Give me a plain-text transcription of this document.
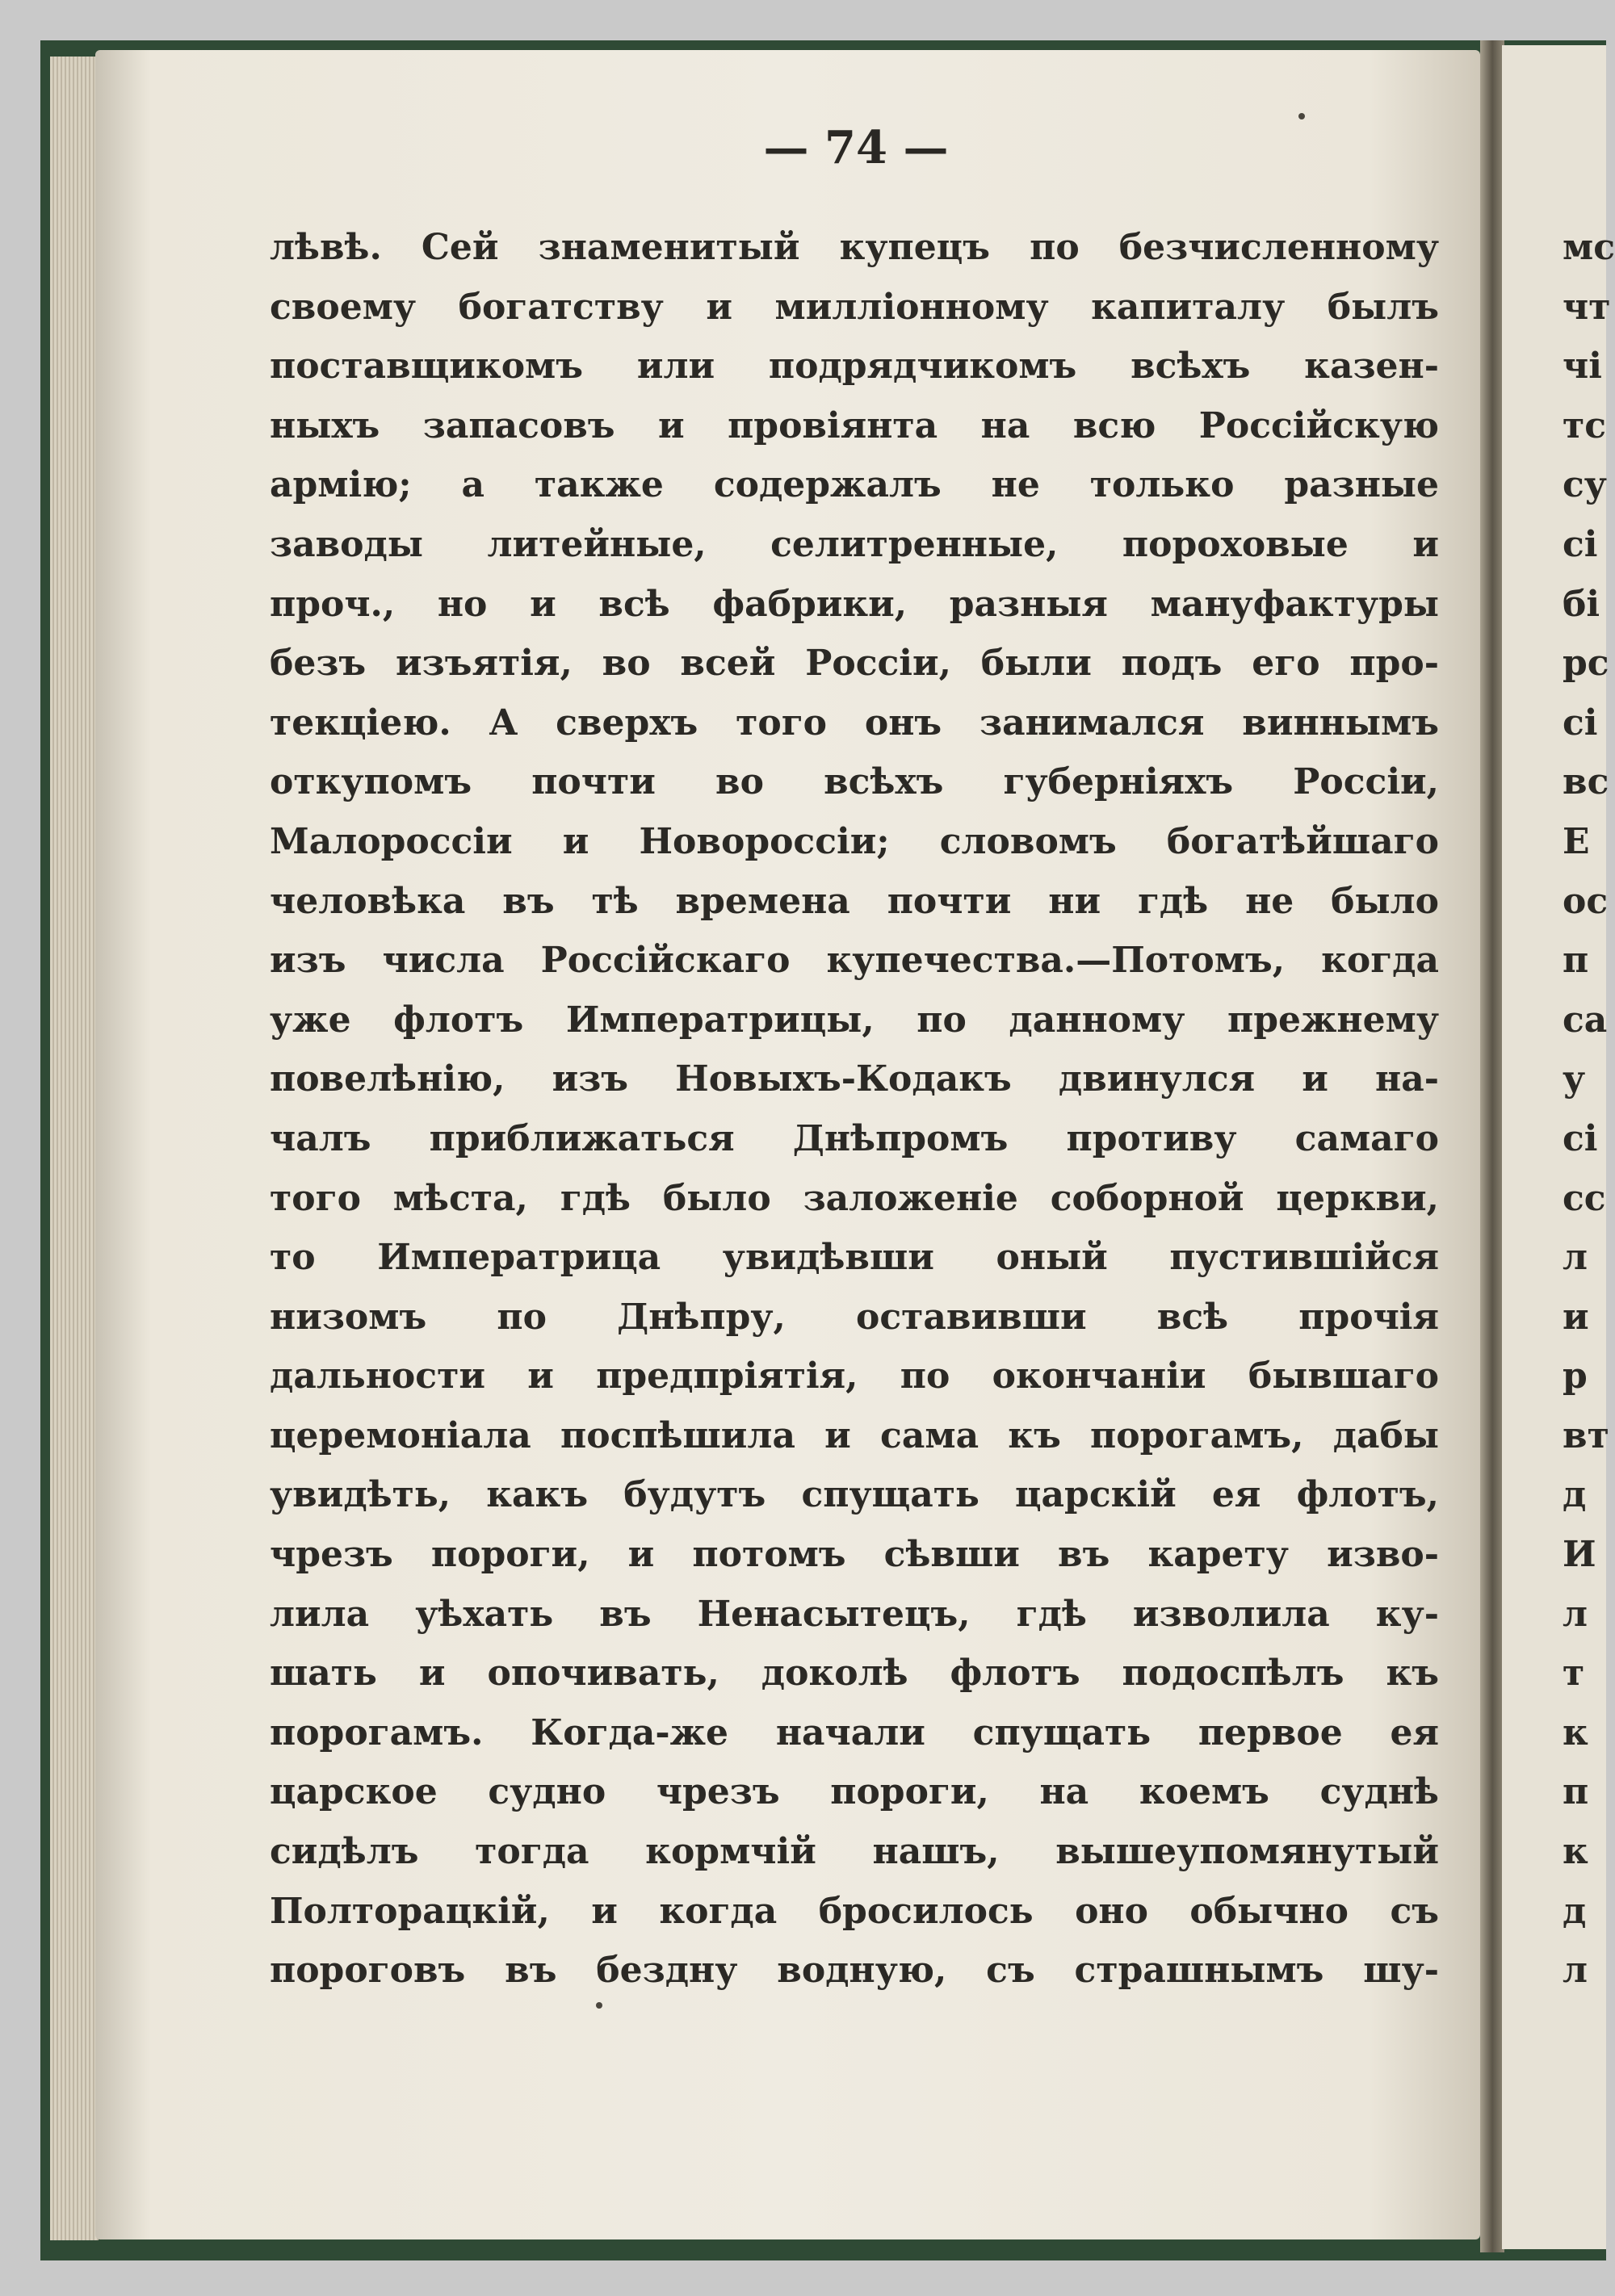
— 74 —
лѣвѣ. Сей знаменитый купецъ по безчисленному
своему богатству и милліонному капиталу былъ
поставщикомъ или подрядчикомъ всѣхъ казен-
ныхъ запасовъ и провіянта на всю Россійскую
армію; а также содержалъ не только разные
заводы литейные, селитренные, пороховые и
проч., но и всѣ фабрики, разныя мануфактуры
безъ изъятія, во всей Россіи, были подъ его про-
текціею. А сверхъ того онъ занимался виннымъ
откупомъ почти во всѣхъ губерніяхъ Россіи,
Малороссіи и Новороссіи; словомъ богатѣйшаго
человѣка въ тѣ времена почти ни гдѣ не было
изъ числа Россійскаго купечества.—Потомъ, когда
уже флотъ Императрицы, по данному прежнему
повелѣнію, изъ Новыхъ-Кодакъ двинулся и на-
чалъ приближаться Днѣпромъ противу самаго
того мѣста, гдѣ было заложеніе соборной церкви,
то Императрица увидѣвши оный пустившійся
низомъ по Днѣпру, оставивши всѣ прочія
дальности и предпріятія, по окончаніи бывшаго
церемоніала поспѣшила и сама къ порогамъ, дабы
увидѣть, какъ будутъ спущать царскій ея флотъ,
чрезъ пороги, и потомъ сѣвши въ карету изво-
лила уѣхать въ Ненасытецъ, гдѣ изволила ку-
шать и опочивать, доколѣ флотъ подоспѣлъ къ
порогамъ. Когда-же начали спущать первое ея
царское судно чрезъ пороги, на коемъ суднѣ
сидѣлъ тогда кормчій нашъ, вышеупомянутый
Полторацкій, и когда бросилось оно обычно съ
пороговъ въ бездну водную, съ страшнымъ шу-
мс
чт
чі
тс
су
сі
бі
рс
сі
вс
Е
ос
п
са
у
сі
сс
л
и
р
вт
д
И
л
т
к
п
к
д
л
